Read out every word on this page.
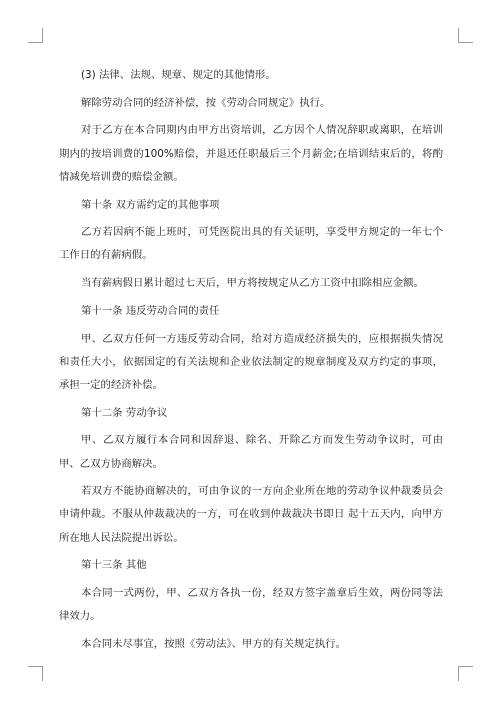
(3) 法律、法规、规章、规定的其他情形。

解除劳动合同的经济补偿，按《劳动合同规定》执行。

对于乙方在本合同期内由甲方出资培训，乙方因个人情况辞职或离职，在培训期内的按培训费的100%赔偿，并退还任职最后三个月薪金;在培训结束后的，将酌情减免培训费的赔偿金额。

第十条 双方需约定的其他事项

乙方若因病不能上班时，可凭医院出具的有关证明，享受甲方规定的一年七个工作日的有薪病假。

当有薪病假日累计超过七天后，甲方将按规定从乙方工资中扣除相应金额。

第十一条 违反劳动合同的责任

甲、乙双方任何一方违反劳动合同，给对方造成经济损失的，应根据损失情况和责任大小，依据国定的有关法规和企业依法制定的规章制度及双方约定的事项，承担一定的经济补偿。

第十二条 劳动争议

甲、乙双方履行本合同和因辞退、除名、开除乙方而发生劳动争议时，可由甲、乙双方协商解决。

若双方不能协商解决的，可由争议的一方向企业所在地的劳动争议仲裁委员会申请仲裁。不服从仲裁裁决的一方，可在收到仲裁裁决书即日 起十五天内，向甲方所在地人民法院提出诉讼。

第十三条 其他

本合同一式两份，甲、乙双方各执一份，经双方签字盖章后生效，两份同等法律效力。

本合同未尽事宜，按照《劳动法》、甲方的有关规定执行。
